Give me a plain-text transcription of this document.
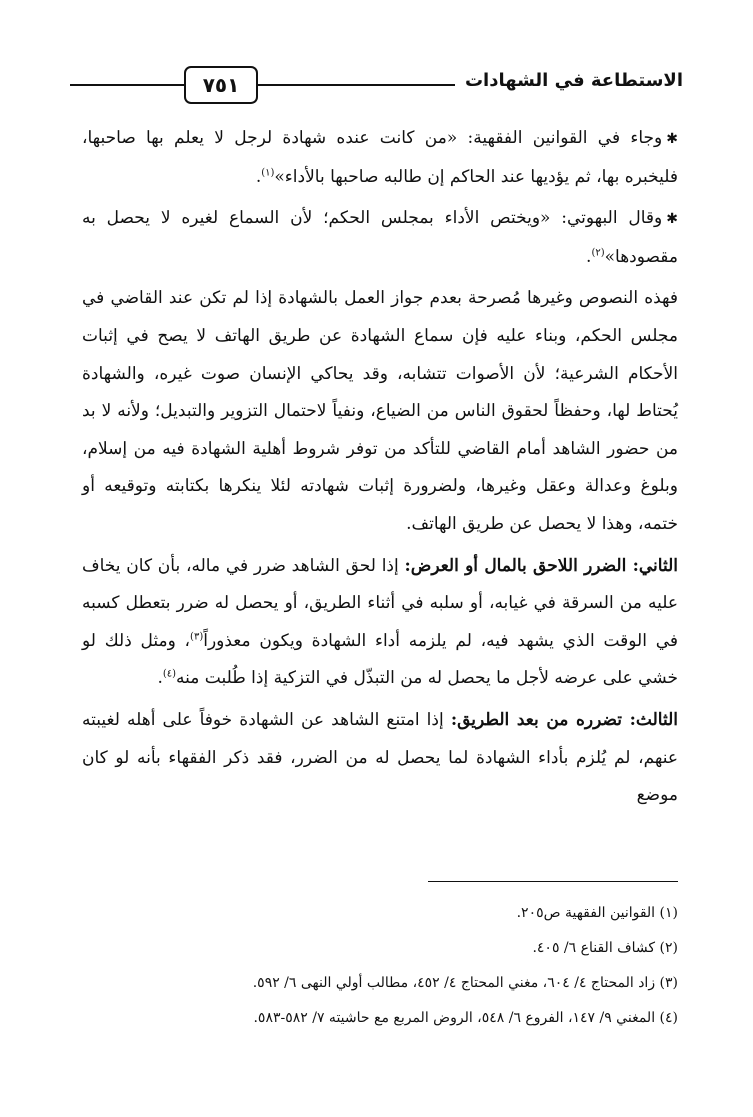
الاستطاعة في الشهادات
٧٥١

✱وجاء في القوانين الفقهية: «من كانت عنده شهادة لرجل لا يعلم بها صاحبها، فليخبره بها، ثم يؤديها عند الحاكم إن طالبه صاحبها بالأداء»$^{(١)}$.

✱وقال البهوتي: «ويختص الأداء بمجلس الحكم؛ لأن السماع لغيره لا يحصل به مقصودها»$^{(٢)}$.

فهذه النصوص وغيرها مُصرحة بعدم جواز العمل بالشهادة إذا لم تكن عند القاضي في مجلس الحكم، وبناء عليه فإن سماع الشهادة عن طريق الهاتف لا يصح في إثبات الأحكام الشرعية؛ لأن الأصوات تتشابه، وقد يحاكي الإنسان صوت غيره، والشهادة يُحتاط لها، وحفظاً لحقوق الناس من الضياع، ونفياً لاحتمال التزوير والتبديل؛ ولأنه لا بد من حضور الشاهد أمام القاضي للتأكد من توفر شروط أهلية الشهادة فيه من إسلام، وبلوغ وعدالة وعقل وغيرها، ولضرورة إثبات شهادته لئلا ينكرها بكتابته وتوقيعه أو ختمه، وهذا لا يحصل عن طريق الهاتف.

الثاني: الضرر اللاحق بالمال أو العرض: إذا لحق الشاهد ضرر في ماله، بأن كان يخاف عليه من السرقة في غيابه، أو سلبه في أثناء الطريق، أو يحصل له ضرر بتعطل كسبه في الوقت الذي يشهد فيه، لم يلزمه أداء الشهادة ويكون معذوراً$^{(٣)}$، ومثل ذلك لو خشي على عرضه لأجل ما يحصل له من التبذّل في التزكية إذا طُلبت منه$^{(٤)}$.

الثالث: تضرره من بعد الطريق: إذا امتنع الشاهد عن الشهادة خوفاً على أهله لغيبته عنهم، لم يُلزم بأداء الشهادة لما يحصل له من الضرر، فقد ذكر الفقهاء بأنه لو كان موضع

(١) القوانين الفقهية ص٢٠٥.
(٢) كشاف القناع ٦/ ٤٠٥.
(٣) زاد المحتاج ٤/ ٦٠٤، مغني المحتاج ٤/ ٤٥٢، مطالب أولي النهى ٦/ ٥٩٢.
(٤) المغني ٩/ ١٤٧، الفروع ٦/ ٥٤٨، الروض المربع مع حاشيته ٧/ ٥٨٢-٥٨٣.
